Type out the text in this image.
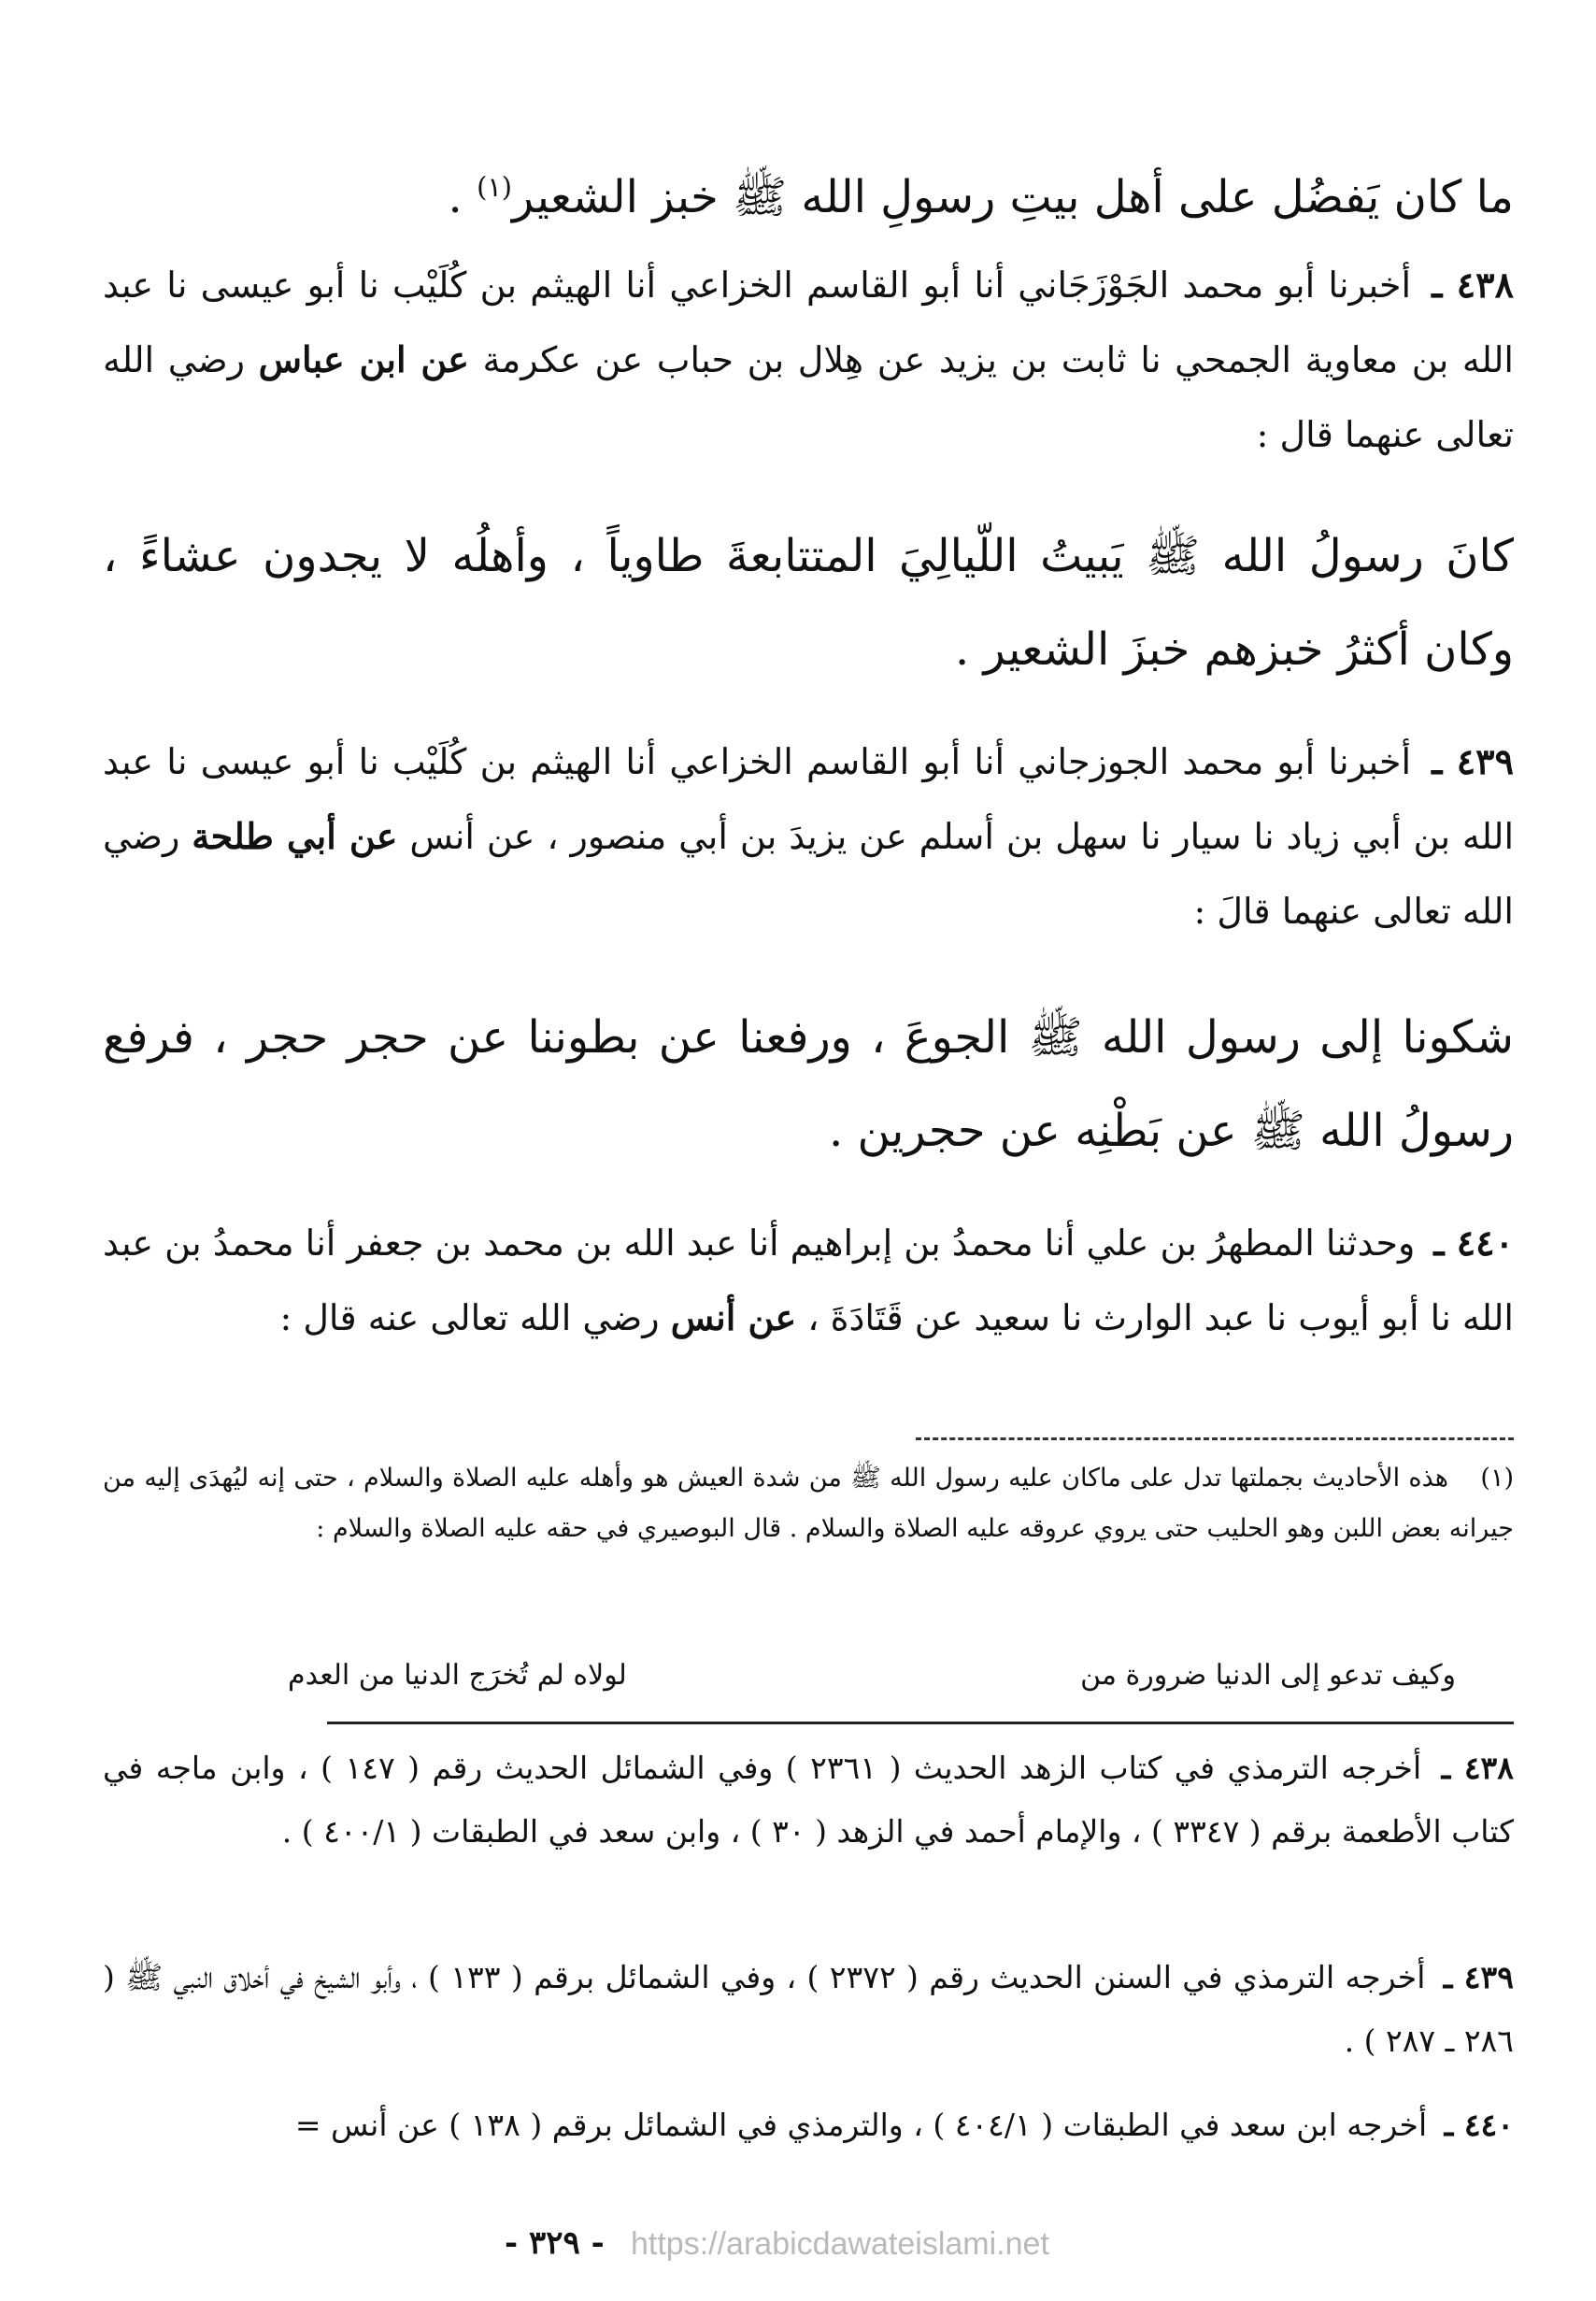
ما كان يَفضُل على أهل بيتِ رسولِ الله ﷺ خبز الشعير$^{(١)}$ .
٤٣٨ ـ أخبرنا أبو محمد الجَوْزَجَاني أنا أبو القاسم الخزاعي أنا الهيثم بن كُلَيْب نا أبو عيسى نا عبد الله بن معاوية الجمحي نا ثابت بن يزيد عن هِلال بن حباب عن عكرمة عن ابن عباس رضي الله تعالى عنهما قال :
كانَ رسولُ الله ﷺ يَبيتُ اللّيالِيَ المتتابعةَ طاوياً ، وأهلُه لا يجدون عشاءً ، وكان أكثرُ خبزهم خبزَ الشعير .
٤٣٩ ـ أخبرنا أبو محمد الجوزجاني أنا أبو القاسم الخزاعي أنا الهيثم بن كُلَيْب نا أبو عيسى نا عبد الله بن أبي زياد نا سيار نا سهل بن أسلم عن يزيدَ بن أبي منصور ، عن أنس عن أبي طلحة رضي الله تعالى عنهما قالَ :
شكونا إلى رسول الله ﷺ الجوعَ ، ورفعنا عن بطوننا عن حجر حجر ، فرفع رسولُ الله ﷺ عن بَطْنِه عن حجرين .
٤٤٠ ـ وحدثنا المطهرُ بن علي أنا محمدُ بن إبراهيم أنا عبد الله بن محمد بن جعفر أنا محمدُ بن عبد الله نا أبو أيوب نا عبد الوارث نا سعيد عن قَتَادَةَ ، عن أنس رضي الله تعالى عنه قال :
(١)هذه الأحاديث بجملتها تدل على ماكان عليه رسول الله ﷺ من شدة العيش هو وأهله عليه الصلاة والسلام ، حتى إنه ليُهدَى إليه من جيرانه بعض اللبن وهو الحليب حتى يروي عروقه عليه الصلاة والسلام . قال البوصيري في حقه عليه الصلاة والسلام :
وكيف تدعو إلى الدنيا ضرورة من
لولاه لم تُخرَج الدنيا من العدم
٤٣٨ ـ أخرجه الترمذي في كتاب الزهد الحديث ( ٢٣٦١ ) وفي الشمائل الحديث رقم ( ١٤٧ ) ، وابن ماجه في كتاب الأطعمة برقم ( ٣٣٤٧ ) ، والإمام أحمد في الزهد ( ٣٠ ) ، وابن سعد في الطبقات ( ٤٠٠/١ ) .
٤٣٩ ـ أخرجه الترمذي في السنن الحديث رقم ( ٢٣٧٢ ) ، وفي الشمائل برقم ( ١٣٣ ) ، وأبو الشيخ في أخلاق النبي ﷺ ( ٢٨٦ ـ ٢٨٧ ) .
٤٤٠ ـ أخرجه ابن سعد في الطبقات ( ٤٠٤/١ ) ، والترمذي في الشمائل برقم ( ١٣٨ ) عن أنس =
- ٣٢٩ - https://arabicdawateislami.net
